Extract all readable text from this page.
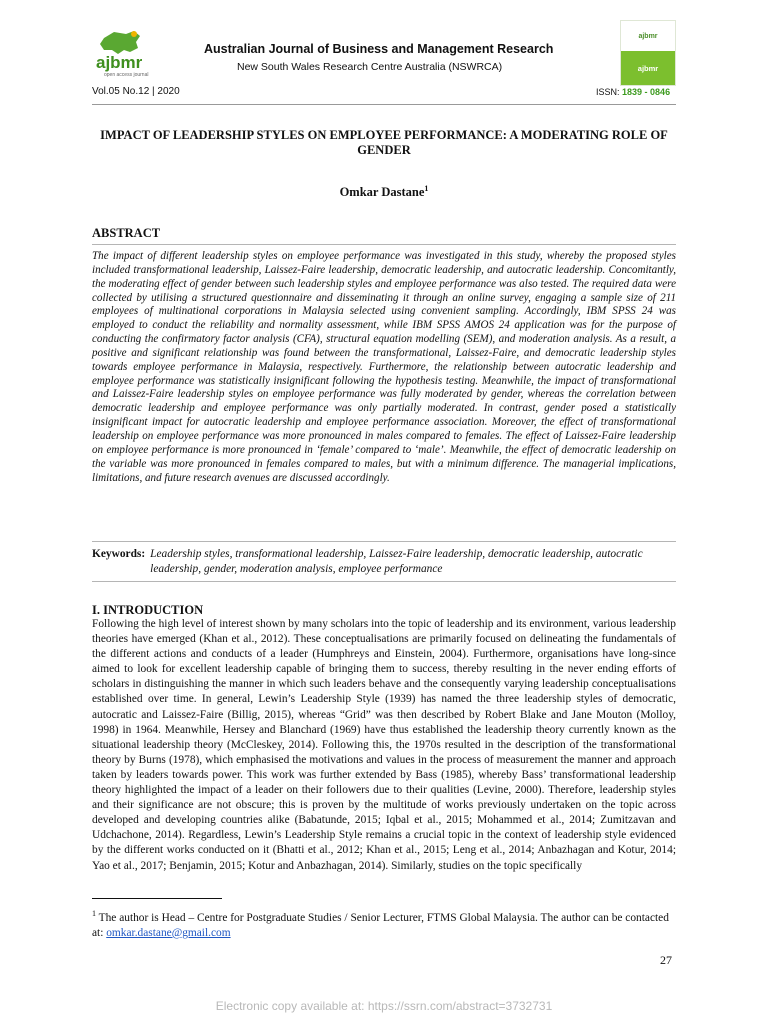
ajbmr
open access journal
Australian Journal of Business and Management Research
New South Wales Research Centre Australia (NSWRCA)
ajbmr
ajbmr
Vol.05 No.12 | 2020	ISSN: 1839 - 0846
IMPACT OF LEADERSHIP STYLES ON EMPLOYEE PERFORMANCE: A MODERATING ROLE OF GENDER
Omkar Dastane$^1$
ABSTRACT
The impact of different leadership styles on employee performance was investigated in this study, whereby the proposed styles included transformational leadership, Laissez-Faire leadership, democratic leadership, and autocratic leadership. Concomitantly, the moderating effect of gender between such leadership styles and employee performance was also tested. The required data were collected by utilising a structured questionnaire and disseminating it through an online survey, engaging a sample size of 211 employees of multinational corporations in Malaysia selected using convenient sampling. Accordingly, IBM SPSS 24 was employed to conduct the reliability and normality assessment, while IBM SPSS AMOS 24 application was for the purpose of conducting the confirmatory factor analysis (CFA), structural equation modelling (SEM), and moderation analysis. As a result, a positive and significant relationship was found between the transformational, Laissez-Faire, and democratic leadership styles towards employee performance in Malaysia, respectively. Furthermore, the relationship between autocratic leadership and employee performance was statistically insignificant following the hypothesis testing. Meanwhile, the impact of transformational and Laissez-Faire leadership styles on employee performance was fully moderated by gender, whereas the correlation between democratic leadership and employee performance was only partially moderated. In contrast, gender posed a statistically insignificant impact for autocratic leadership and employee performance association. Moreover, the effect of transformational leadership on employee performance was more pronounced in males compared to females. The effect of Laissez-Faire leadership on employee performance is more pronounced in ‘female’ compared to ‘male’. Meanwhile, the effect of democratic leadership on the variable was more pronounced in females compared to males, but with a minimum difference. The managerial implications, limitations, and future research avenues are discussed accordingly.
Keywords: Leadership styles, transformational leadership, Laissez-Faire leadership, democratic leadership, autocratic leadership, gender, moderation analysis, employee performance
I. INTRODUCTION
Following the high level of interest shown by many scholars into the topic of leadership and its environment, various leadership theories have emerged (Khan et al., 2012). These conceptualisations are primarily focused on delineating the fundamentals of the different actions and conducts of a leader (Humphreys and Einstein, 2004). Furthermore, organisations have long-since aimed to look for excellent leadership capable of bringing them to success, thereby resulting in the never ending efforts of scholars in distinguishing the manner in which such leaders behave and the consequently varying leadership conceptualisations established over time. In general, Lewin’s Leadership Style (1939) has named the three leadership styles of democratic, autocratic and Laissez-Faire (Billig, 2015), whereas “Grid” was then described by Robert Blake and Jane Mouton (Molloy, 1998) in 1964. Meanwhile, Hersey and Blanchard (1969) have thus established the leadership theory currently known as the situational leadership theory (McCleskey, 2014). Following this, the 1970s resulted in the description of the transformational theory by Burns (1978), which emphasised the motivations and values in the process of measurement the manner and approach taken by leaders towards power. This work was further extended by Bass (1985), whereby Bass’ transformational leadership theory highlighted the impact of a leader on their followers due to their qualities (Levine, 2000). Therefore, leadership styles and their significance are not obscure; this is proven by the multitude of works previously undertaken on the topic across developed and developing countries alike (Babatunde, 2015; Iqbal et al., 2015; Mohammed et al., 2014; Zumitzavan and Udchachone, 2014). Regardless, Lewin’s Leadership Style remains a crucial topic in the context of leadership style evidenced by the different works conducted on it (Bhatti et al., 2012; Khan et al., 2015; Leng et al., 2014; Anbazhagan and Kotur, 2014; Yao et al., 2017; Benjamin, 2015; Kotur and Anbazhagan, 2014). Similarly, studies on the topic specifically
$^1$ The author is Head – Centre for Postgraduate Studies / Senior Lecturer, FTMS Global Malaysia. The author can be contacted at: omkar.dastane@gmail.com
27
Electronic copy available at: https://ssrn.com/abstract=3732731
